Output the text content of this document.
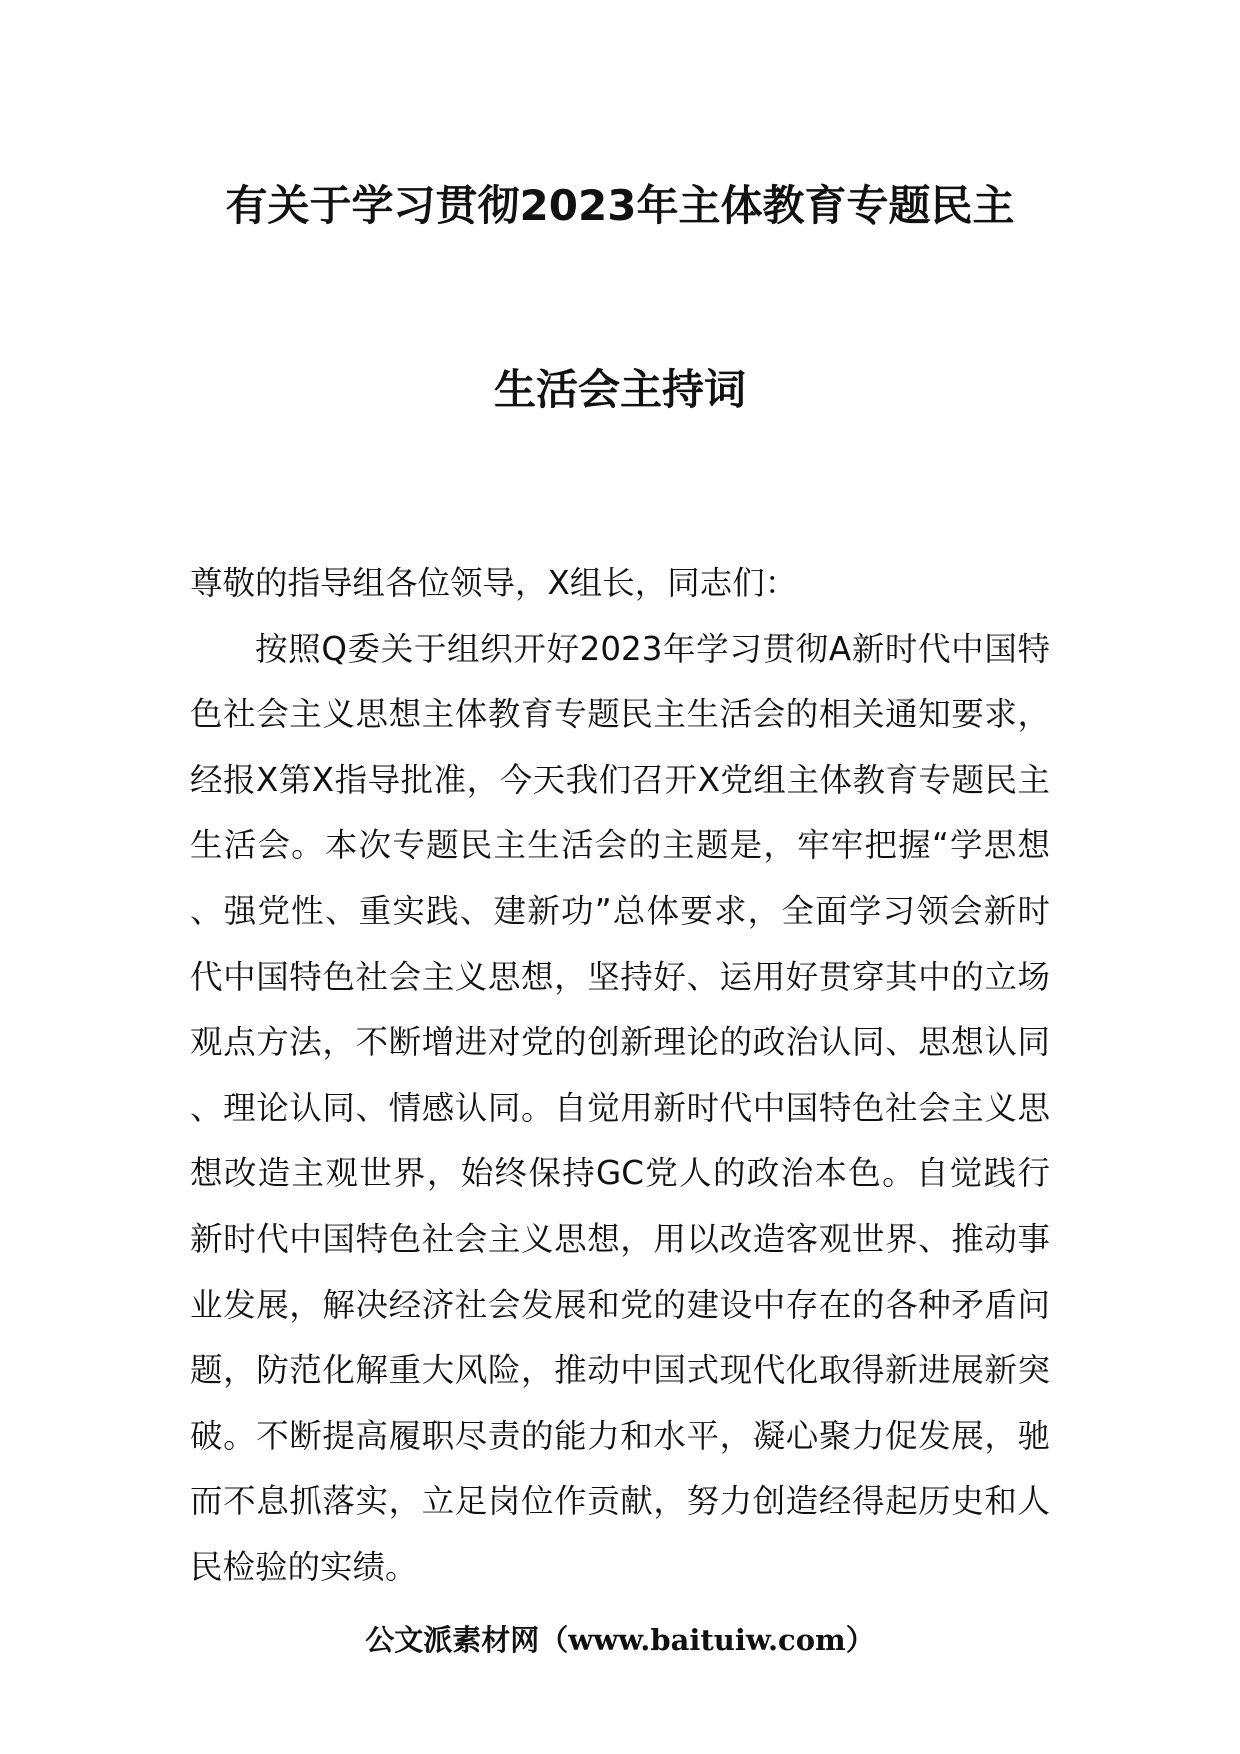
有关于学习贯彻2023年主体教育专题民主
生活会主持词

尊敬的指导组各位领导，X组长，同志们：

按照Q委关于组织开好2023年学习贯彻A新时代中国特色社会主义思想主体教育专题民主生活会的相关通知要求，经报X第X指导批准，今天我们召开X党组主体教育专题民主生活会。本次专题民主生活会的主题是，牢牢把握“学思想、强党性、重实践、建新功”总体要求，全面学习领会新时代中国特色社会主义思想，坚持好、运用好贯穿其中的立场观点方法，不断增进对党的创新理论的政治认同、思想认同、理论认同、情感认同。自觉用新时代中国特色社会主义思想改造主观世界，始终保持GC党人的政治本色。自觉践行新时代中国特色社会主义思想，用以改造客观世界、推动事业发展，解决经济社会发展和党的建设中存在的各种矛盾问题，防范化解重大风险，推动中国式现代化取得新进展新突破。不断提高履职尽责的能力和水平，凝心聚力促发展，驰而不息抓落实，立足岗位作贡献，努力创造经得起历史和人民检验的实绩。

公文派素材网（www.baituiw.com）
